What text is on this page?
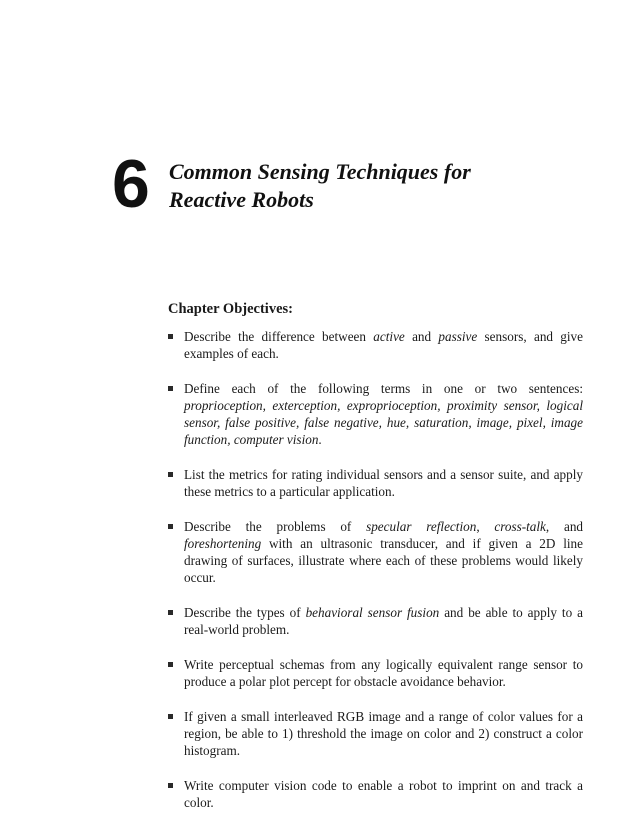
6 Common Sensing Techniques for
Reactive Robots
Chapter Objectives:
Describe the difference between active and passive sensors, and give examples of each.
Define each of the following terms in one or two sentences: proprioception, exterception, exproprioception, proximity sensor, logical sensor, false positive, false negative, hue, saturation, image, pixel, image function, computer vision.
List the metrics for rating individual sensors and a sensor suite, and apply these metrics to a particular application.
Describe the problems of specular reflection, cross-talk, and foreshortening with an ultrasonic transducer, and if given a 2D line drawing of surfaces, illustrate where each of these problems would likely occur.
Describe the types of behavioral sensor fusion and be able to apply to a real-world problem.
Write perceptual schemas from any logically equivalent range sensor to produce a polar plot percept for obstacle avoidance behavior.
If given a small interleaved RGB image and a range of color values for a region, be able to 1) threshold the image on color and 2) construct a color histogram.
Write computer vision code to enable a robot to imprint on and track a color.
